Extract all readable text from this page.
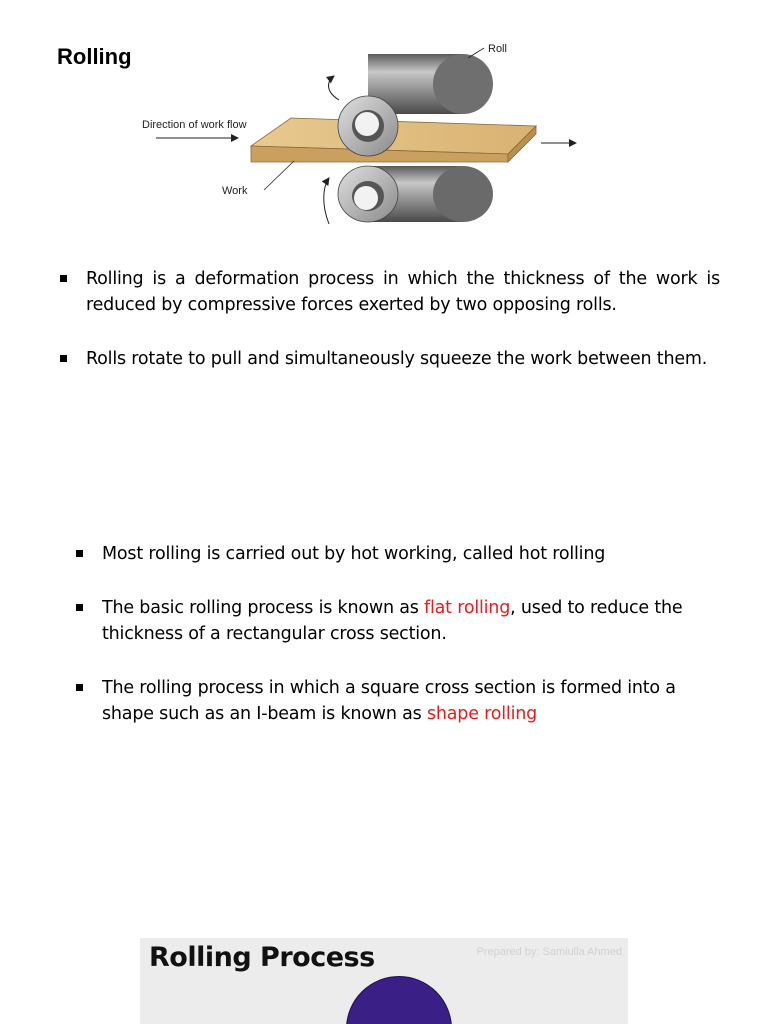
Rolling	Roll
Direction of work flow
Work
Rolling is a deformation process in which the thickness of the work is reduced by compressive forces exerted by two opposing rolls.
Rolls rotate to pull and simultaneously squeeze the work between them.
Most rolling is carried out by hot working, called hot rolling
The basic rolling process is known as flat rolling, used to reduce the thickness of a rectangular cross section.
The rolling process in which a square cross section is formed into a shape such as an I-beam is known as shape rolling
Rolling Process	Prepared by: Samiulla Ahmed
